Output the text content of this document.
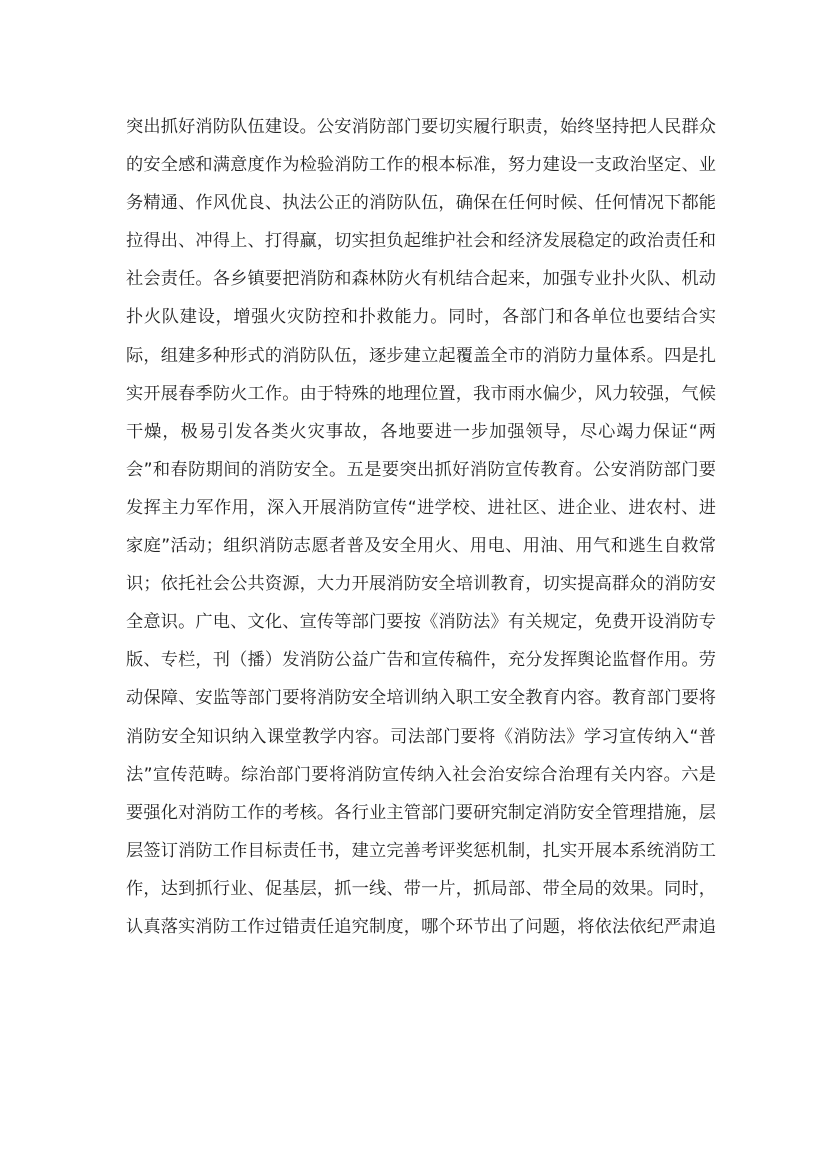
突出抓好消防队伍建设。公安消防部门要切实履行职责，始终坚持把人民群众
的安全感和满意度作为检验消防工作的根本标准，努力建设一支政治坚定、业
务精通、作风优良、执法公正的消防队伍，确保在任何时候、任何情况下都能
拉得出、冲得上、打得赢，切实担负起维护社会和经济发展稳定的政治责任和
社会责任。各乡镇要把消防和森林防火有机结合起来，加强专业扑火队、机动
扑火队建设，增强火灾防控和扑救能力。同时，各部门和各单位也要结合实
际，组建多种形式的消防队伍，逐步建立起覆盖全市的消防力量体系。四是扎
实开展春季防火工作。由于特殊的地理位置，我市雨水偏少，风力较强，气候
干燥，极易引发各类火灾事故，各地要进一步加强领导，尽心竭力保证“两
会”和春防期间的消防安全。五是要突出抓好消防宣传教育。公安消防部门要
发挥主力军作用，深入开展消防宣传“进学校、进社区、进企业、进农村、进
家庭”活动；组织消防志愿者普及安全用火、用电、用油、用气和逃生自救常
识；依托社会公共资源，大力开展消防安全培训教育，切实提高群众的消防安
全意识。广电、文化、宣传等部门要按《消防法》有关规定，免费开设消防专
版、专栏，刊（播）发消防公益广告和宣传稿件，充分发挥舆论监督作用。劳
动保障、安监等部门要将消防安全培训纳入职工安全教育内容。教育部门要将
消防安全知识纳入课堂教学内容。司法部门要将《消防法》学习宣传纳入“普
法”宣传范畴。综治部门要将消防宣传纳入社会治安综合治理有关内容。六是
要强化对消防工作的考核。各行业主管部门要研究制定消防安全管理措施，层
层签订消防工作目标责任书，建立完善考评奖惩机制，扎实开展本系统消防工
作，达到抓行业、促基层，抓一线、带一片，抓局部、带全局的效果。同时，
认真落实消防工作过错责任追究制度，哪个环节出了问题，将依法依纪严肃追
